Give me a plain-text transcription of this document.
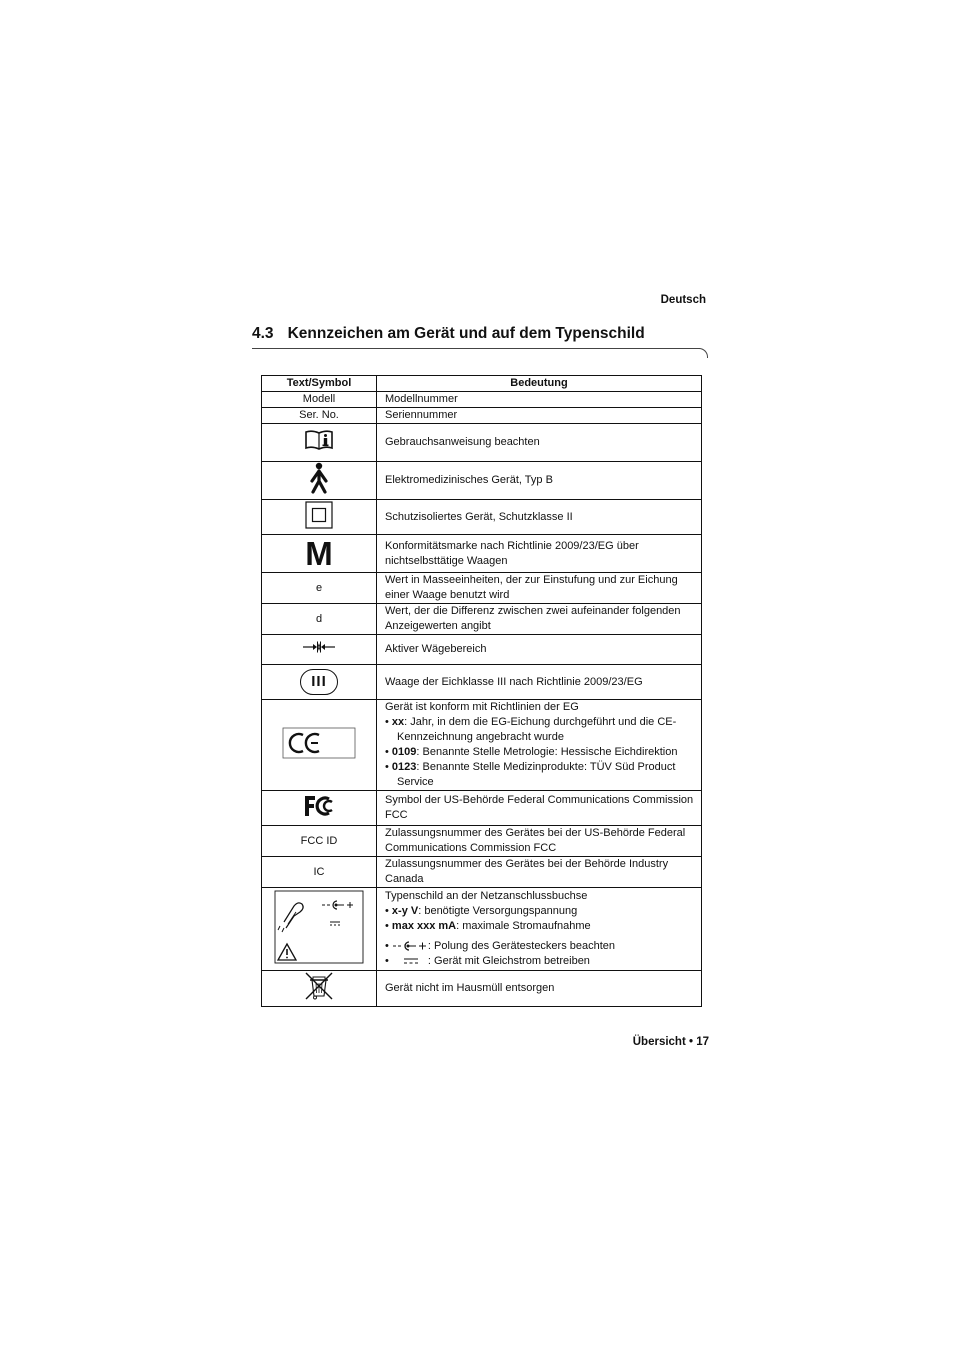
Deutsch
4.3 Kennzeichen am Gerät und auf dem Typenschild
Text/Symbol	Bedeutung
Modell	Modellnummer
Ser. No.	Seriennummer
	Gebrauchsanweisung beachten
	Elektromedizinisches Gerät, Typ B
	Schutzisoliertes Gerät, Schutzklasse II
M	Konformitätsmarke nach Richtlinie 2009/23/EG über nichtselbsttätige Waagen
e	Wert in Masseeinheiten, der zur Einstufung und zur Eichung einer Waage benutzt wird
d	Wert, der die Differenz zwischen zwei aufeinander folgenden Anzeigewerten angibt
	Aktiver Wägebereich
III	Waage der Eichklasse III nach Richtlinie 2009/23/EG
	Gerät ist konform mit Richtlinien der EG
• xx: Jahr, in dem die EG-Eichung durchgeführt und die CE-Kennzeichnung angebracht wurde
• 0109: Benannte Stelle Metrologie: Hessische Eichdirektion
• 0123: Benannte Stelle Medizinprodukte: TÜV Süd Product Service

	Symbol der US-Behörde Federal Communications Commission FCC
FCC ID	Zulassungsnummer des Gerätes bei der US-Behörde Federal Communications Commission FCC
IC	Zulassungsnummer des Gerätes bei der Behörde Industry Canada
	Typenschild an der Netzanschlussbuchse
• x-y V: benötigte Versorgungspannung
• max xxx mA: maximale Stromaufnahme
• : Polung des Gerätesteckers beachten
• : Gerät mit Gleichstrom betreiben

	Gerät nicht im Hausmüll entsorgen
Übersicht • 17
